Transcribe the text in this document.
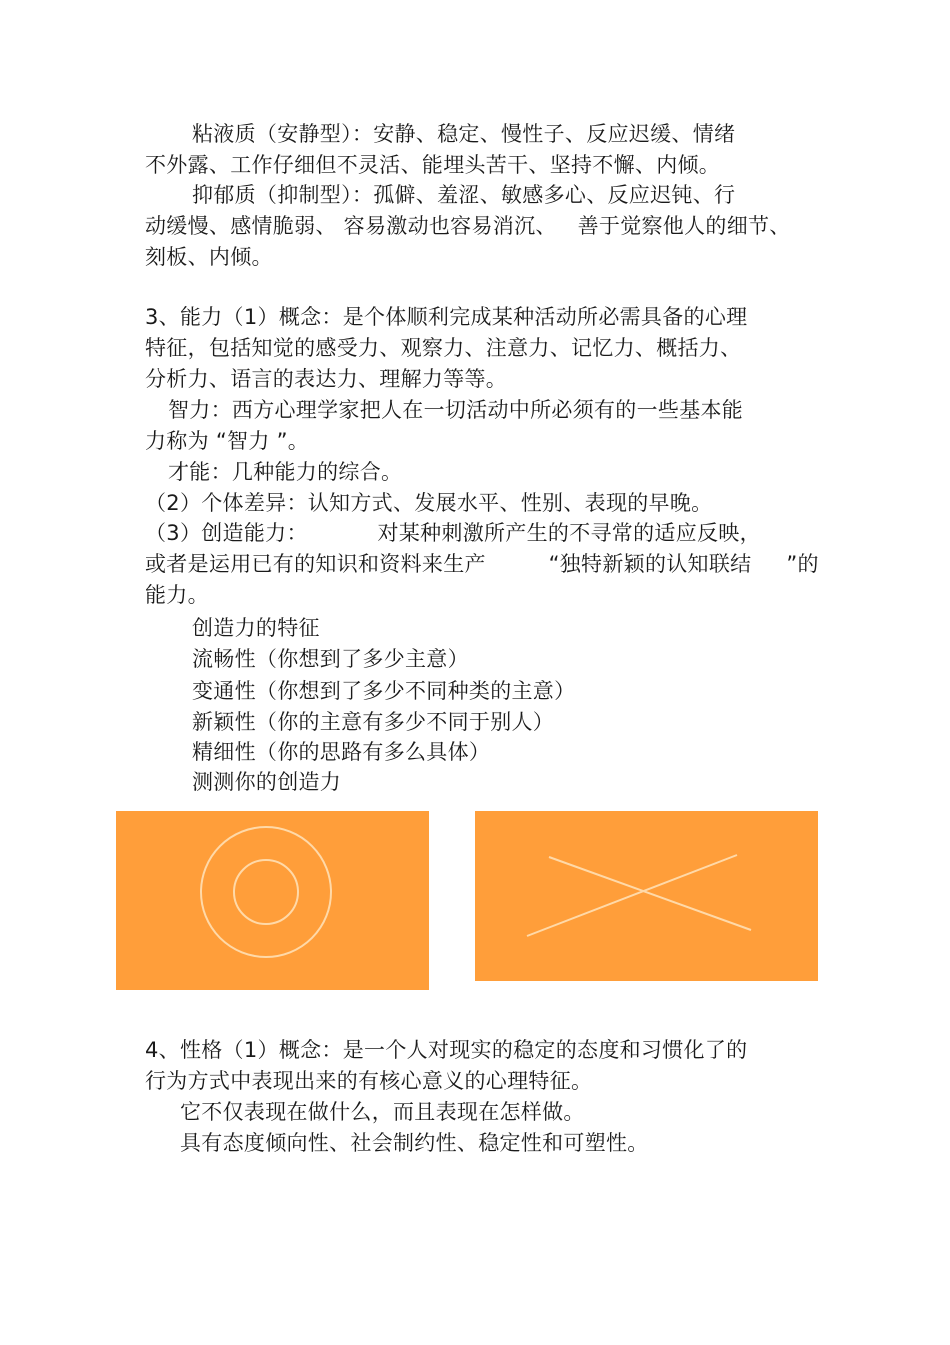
粘液质（安静型）：安静、稳定、慢性子、反应迟缓、情绪
不外露、工作仔细但不灵活、能埋头苦干、坚持不懈、内倾。
抑郁质（抑制型）：孤僻、羞涩、敏感多心、反应迟钝、行
动缓慢、感情脆弱、 容易激动也容易消沉、   善于觉察他人的细节、
刻板、内倾。
3、能力（1）概念：是个体顺利完成某种活动所必需具备的心理
特征，包括知觉的感受力、观察力、注意力、记忆力、概括力、
分析力、语言的表达力、理解力等等。
智力：西方心理学家把人在一切活动中所必须有的一些基本能
力称为 “智力 ”。
才能：几种能力的综合。
（2）个体差异：认知方式、发展水平、性别、表现的早晚。
（3）创造能力：          对某种刺激所产生的不寻常的适应反映，
或者是运用已有的知识和资料来生产         “独特新颖的认知联结     ”的
能力。
创造力的特征
流畅性（你想到了多少主意）
变通性（你想到了多少不同种类的主意）
新颖性（你的主意有多少不同于别人）
精细性（你的思路有多么具体）
测测你的创造力
4、性格（1）概念：是一个人对现实的稳定的态度和习惯化了的
行为方式中表现出来的有核心意义的心理特征。
它不仅表现在做什么，而且表现在怎样做。
具有态度倾向性、社会制约性、稳定性和可塑性。
